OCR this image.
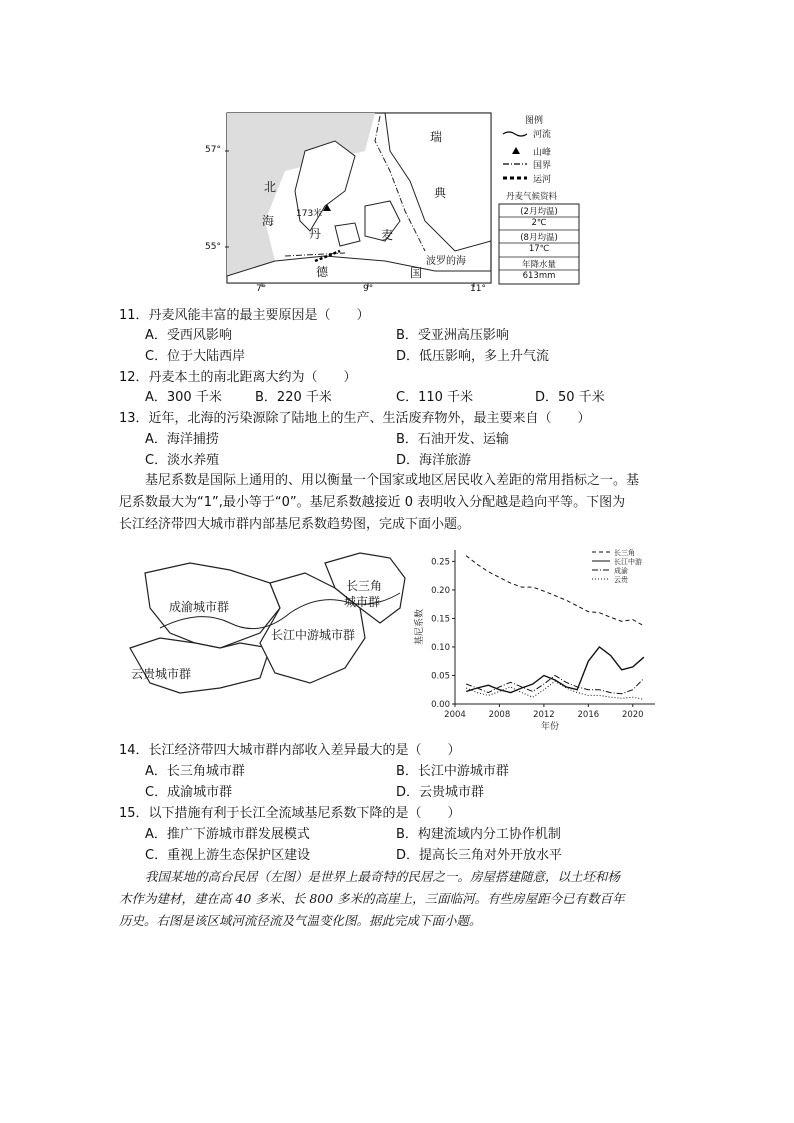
57°
55°
7°	9°	11°
瑞
典
北
海 173米
丹	麦
德
波罗的海
国
图例
河流
山峰
国界
运河
丹麦气候资料
(2月均温)
2℃
(8月均温)
17℃
年降水量
613mm
11．丹麦风能丰富的最主要原因是（　　）
A．受西风影响	B．受亚洲高压影响
C．位于大陆西岸	D．低压影响，多上升气流
12．丹麦本土的南北距离大约为（　　）
A．300 千米	B．220 千米	C．110 千米	D．50 千米
13．近年，北海的污染源除了陆地上的生产、生活废弃物外，最主要来自（　　）
A．海洋捕捞	B．石油开发、运输
C．淡水养殖	D．海洋旅游
基尼系数是国际上通用的、用以衡量一个国家或地区居民收入差距的常用指标之一。基
尼系数最大为“1”,最小等于“0”。基尼系数越接近 0 表明收入分配越是趋向平等。下图为
长江经济带四大城市群内部基尼系数趋势图，完成下面小题。
成渝城市群
云贵城市群
长江中游城市群
长三角
城市群
0.00
0.05
0.10
0.15
0.20
0.25
2004	2008	2012	2016	2020
年份
基尼系数
长三角
长江中游
成渝
云贵
14．长江经济带四大城市群内部收入差异最大的是（　　）
A．长三角城市群	B．长江中游城市群
C．成渝城市群	D．云贵城市群
15．以下措施有利于长江全流域基尼系数下降的是（　　）
A．推广下游城市群发展模式	B．构建流域内分工协作机制
C．重视上游生态保护区建设	D．提高长三角对外开放水平
我国某地的高台民居（左图）是世界上最奇特的民居之一。房屋搭建随意，以土坯和杨
木作为建材，建在高 40 多米、长 800 多米的高崖上，三面临河。有些房屋距今已有数百年
历史。右图是该区域河流径流及气温变化图。据此完成下面小题。
